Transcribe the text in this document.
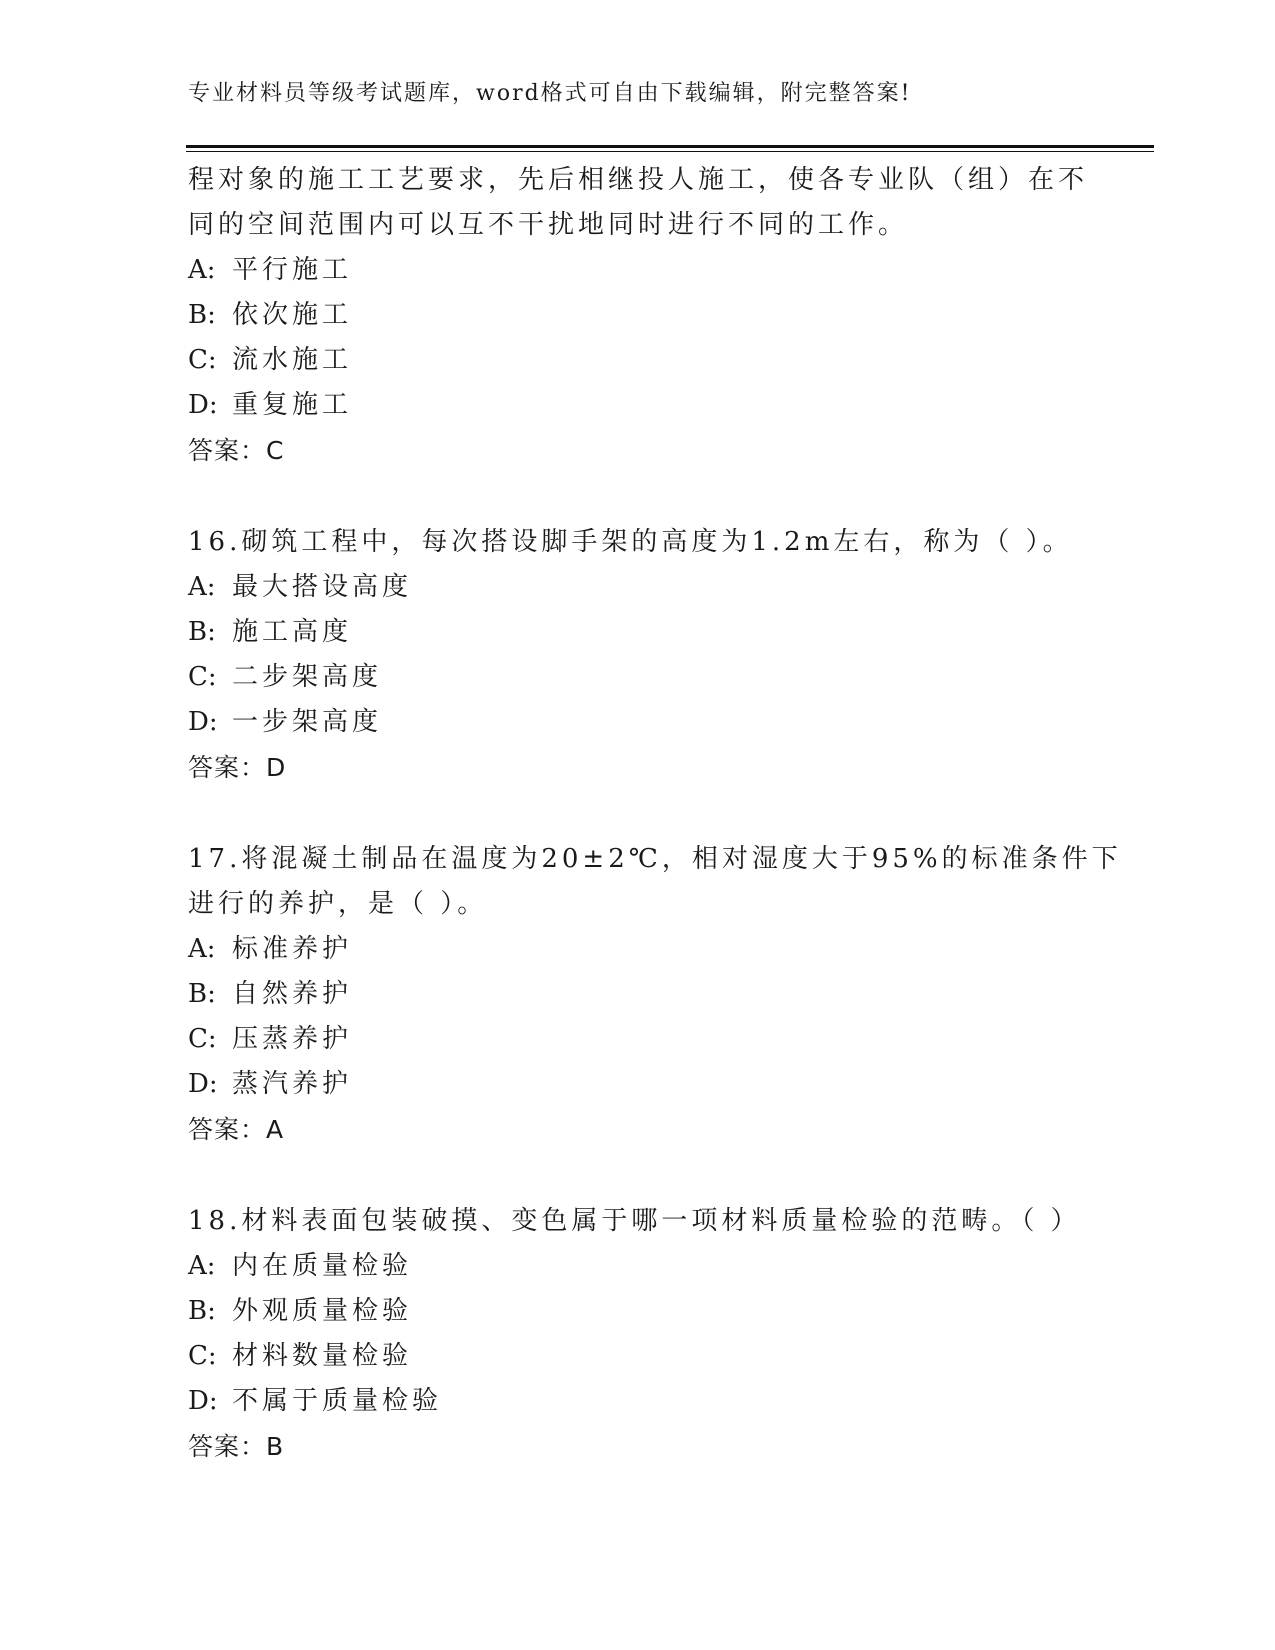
专业材料员等级考试题库，word格式可自由下载编辑，附完整答案!
程对象的施工工艺要求，先后相继投人施工，使各专业队（组）在不
同的空间范围内可以互不干扰地同时进行不同的工作。
A: 平行施工
B: 依次施工
C: 流水施工
D: 重复施工
答案：C
16.砌筑工程中，每次搭设脚手架的高度为1.2m左右，称为（ ）。
A: 最大搭设高度
B: 施工高度
C: 二步架高度
D: 一步架高度
答案：D
17.将混凝土制品在温度为20±2℃，相对湿度大于95%的标准条件下
进行的养护，是（ ）。
A: 标准养护
B: 自然养护
C: 压蒸养护
D: 蒸汽养护
答案：A
18.材料表面包装破摸、变色属于哪一项材料质量检验的范畴。（ ）
A: 内在质量检验
B: 外观质量检验
C: 材料数量检验
D: 不属于质量检验
答案：B
